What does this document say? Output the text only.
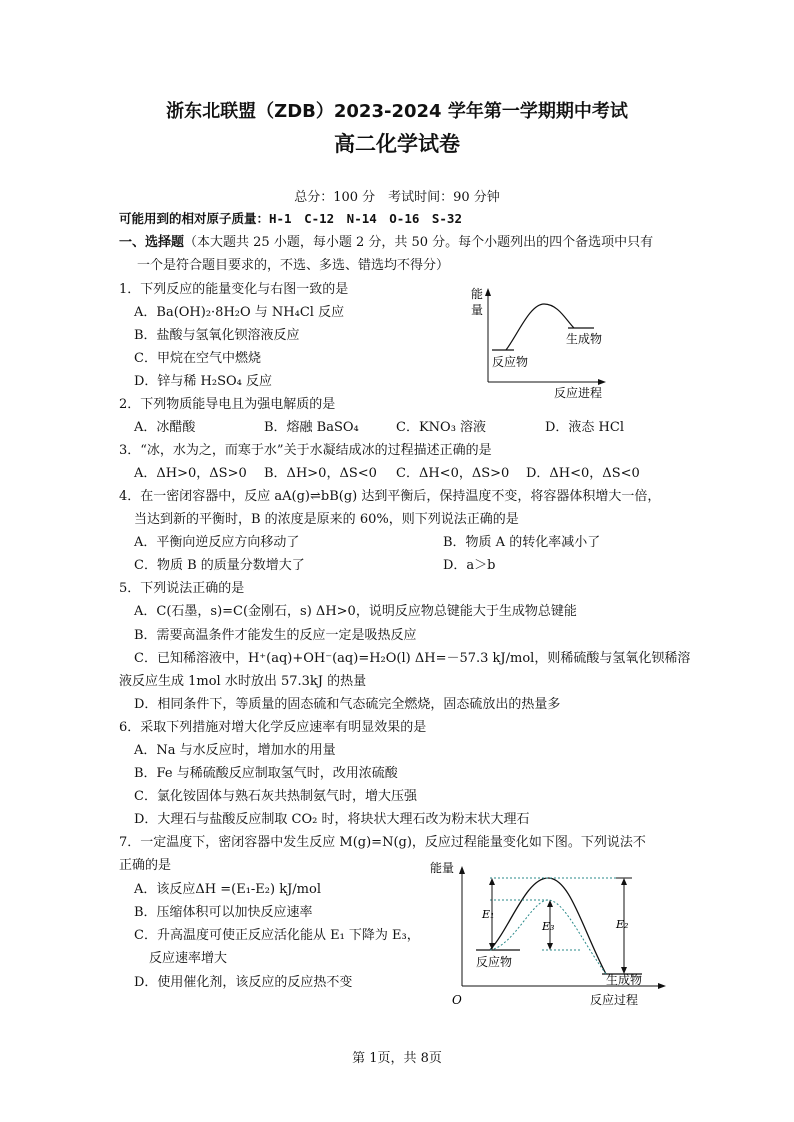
浙东北联盟（ZDB）2023-2024 学年第一学期期中考试
高二化学试卷
总分：100 分　考试时间：90 分钟
可能用到的相对原子质量：H-1　C-12　N-14　O-16　S-32
一、选择题（本大题共 25 小题，每小题 2 分，共 50 分。每个小题列出的四个备选项中只有
一个是符合题目要求的，不选、多选、错选均不得分）
1．下列反应的能量变化与右图一致的是
A．Ba(OH)₂·8H₂O 与 NH₄Cl 反应
B．盐酸与氢氧化钡溶液反应
C．甲烷在空气中燃烧
D．锌与稀 H₂SO₄ 反应
能
量
生成物
反应物
反应进程
2．下列物质能导电且为强电解质的是
A．冰醋酸	B．熔融 BaSO₄	C．KNO₃ 溶液	D．液态 HCl
3．“冰，水为之，而寒于水”关于水凝结成冰的过程描述正确的是
A．ΔH>0，ΔS>0 B．ΔH>0，ΔS<0 C．ΔH<0，ΔS>0 D．ΔH<0，ΔS<0
4．在一密闭容器中，反应 aA(g)⇌bB(g) 达到平衡后，保持温度不变，将容器体积增大一倍，
当达到新的平衡时，B 的浓度是原来的 60%，则下列说法正确的是
A．平衡向逆反应方向移动了	B．物质 A 的转化率减小了
C．物质 B 的质量分数增大了	D．a＞b
5．下列说法正确的是
A．C(石墨，s)=C(金刚石，s) ΔH>0，说明反应物总键能大于生成物总键能
B．需要高温条件才能发生的反应一定是吸热反应
C．已知稀溶液中，H⁺(aq)+OH⁻(aq)=H₂O(l) ΔH=－57.3 kJ/mol，则稀硫酸与氢氧化钡稀溶
液反应生成 1mol 水时放出 57.3kJ 的热量
D．相同条件下，等质量的固态硫和气态硫完全燃烧，固态硫放出的热量多
6．采取下列措施对增大化学反应速率有明显效果的是
A．Na 与水反应时，增加水的用量
B．Fe 与稀硫酸反应制取氢气时，改用浓硫酸
C．氯化铵固体与熟石灰共热制氨气时，增大压强
D．大理石与盐酸反应制取 CO₂ 时，将块状大理石改为粉末状大理石
7．一定温度下，密闭容器中发生反应 M(g)=N(g)，反应过程能量变化如下图。下列说法不
正确的是
A．该反应ΔH =(E₁-E₂) kJ/mol
B．压缩体积可以加快反应速率
C．升高温度可使正反应活化能从 E₁ 下降为 E₃，
反应速率增大
D．使用催化剂，该反应的反应热不变
能量
E₁
E₃	E₂
反应物
生成物
O	反应过程
第 1页，共 8页
